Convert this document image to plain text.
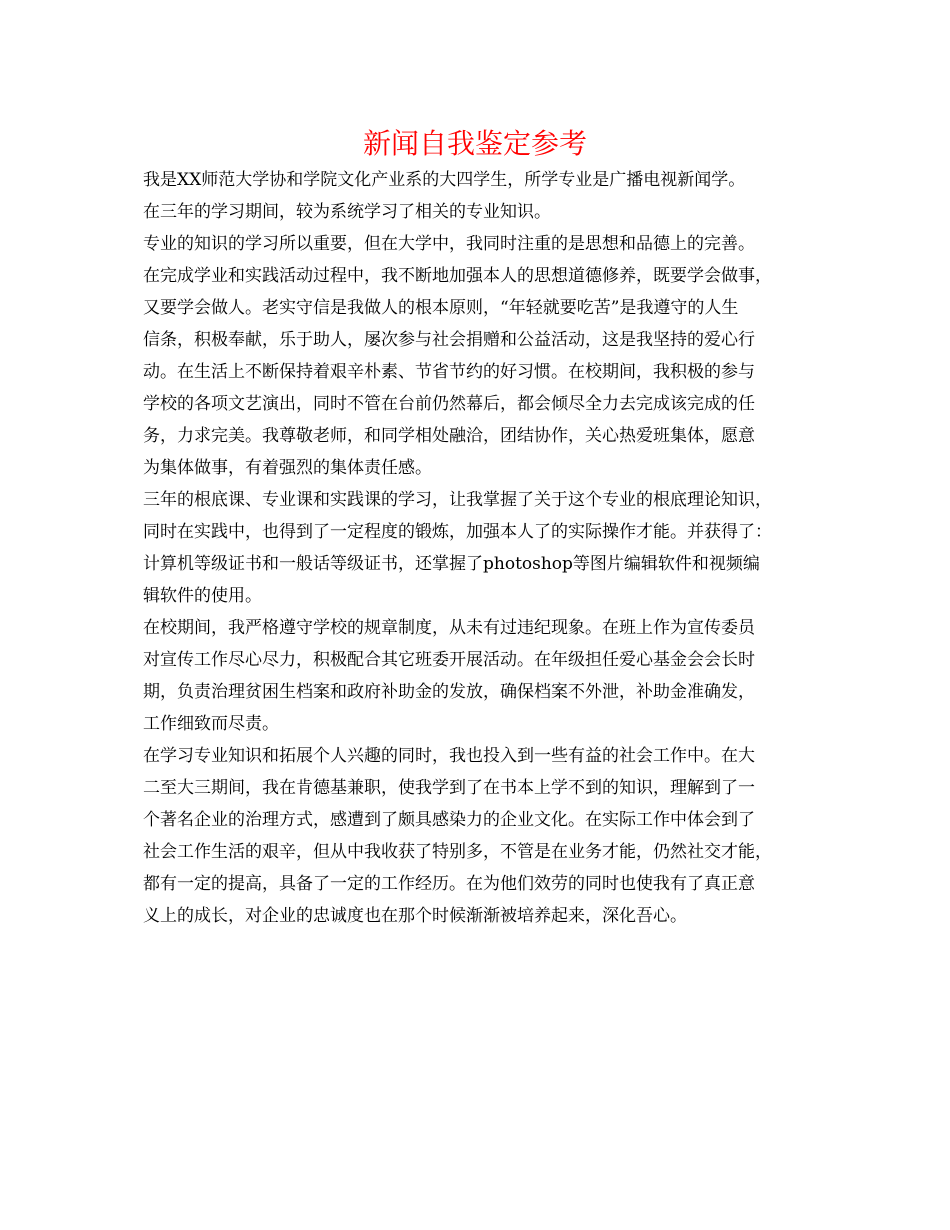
新闻自我鉴定参考
我是XX师范大学协和学院文化产业系的大四学生，所学专业是广播电视新闻学。
在三年的学习期间，较为系统学习了相关的专业知识。
专业的知识的学习所以重要，但在大学中，我同时注重的是思想和品德上的完善。
在完成学业和实践活动过程中，我不断地加强本人的思想道德修养，既要学会做事，
又要学会做人。老实守信是我做人的根本原则，“年轻就要吃苦”是我遵守的人生
信条，积极奉献，乐于助人，屡次参与社会捐赠和公益活动，这是我坚持的爱心行
动。在生活上不断保持着艰辛朴素、节省节约的好习惯。在校期间，我积极的参与
学校的各项文艺演出，同时不管在台前仍然幕后，都会倾尽全力去完成该完成的任
务，力求完美。我尊敬老师，和同学相处融洽，团结协作，关心热爱班集体，愿意
为集体做事，有着强烈的集体责任感。
三年的根底课、专业课和实践课的学习，让我掌握了关于这个专业的根底理论知识，
同时在实践中，也得到了一定程度的锻炼，加强本人了的实际操作才能。并获得了：
计算机等级证书和一般话等级证书，还掌握了photoshop等图片编辑软件和视频编
辑软件的使用。
在校期间，我严格遵守学校的规章制度，从未有过违纪现象。在班上作为宣传委员
对宣传工作尽心尽力，积极配合其它班委开展活动。在年级担任爱心基金会会长时
期，负责治理贫困生档案和政府补助金的发放，确保档案不外泄，补助金准确发，
工作细致而尽责。
在学习专业知识和拓展个人兴趣的同时，我也投入到一些有益的社会工作中。在大
二至大三期间，我在肯德基兼职，使我学到了在书本上学不到的知识，理解到了一
个著名企业的治理方式，感遭到了颇具感染力的企业文化。在实际工作中体会到了
社会工作生活的艰辛，但从中我收获了特别多，不管是在业务才能，仍然社交才能，
都有一定的提高，具备了一定的工作经历。在为他们效劳的同时也使我有了真正意
义上的成长，对企业的忠诚度也在那个时候渐渐被培养起来，深化吾心。
